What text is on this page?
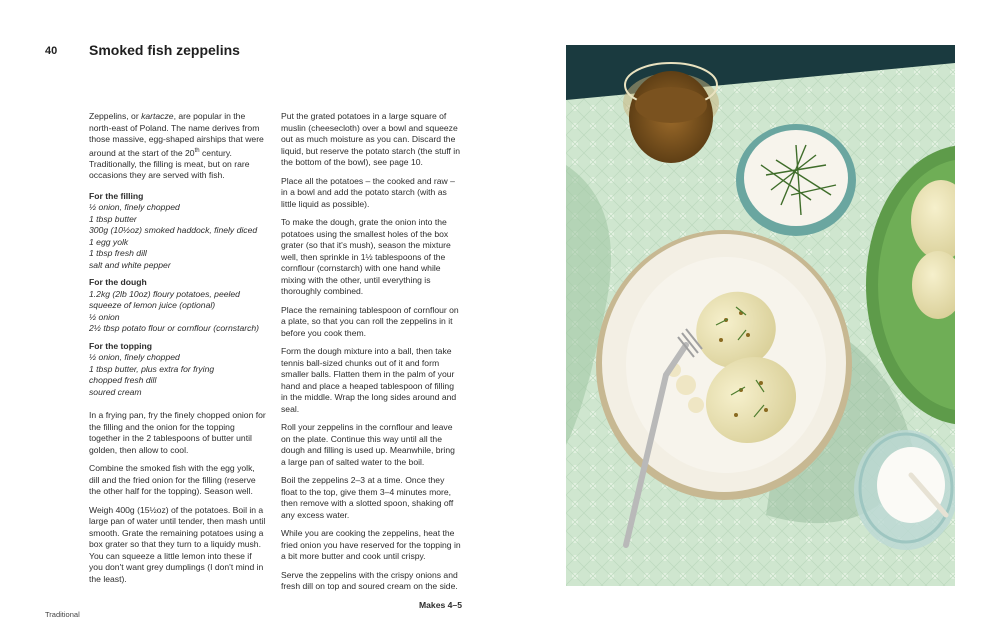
40 Smoked fish zeppelins

Zeppelins, or kartacze, are popular in the north-east of Poland. The name derives from those massive, egg-shaped airships that were around at the start of the 20th century. Traditionally, the filling is meat, but on rare occasions they are served with fish.

For the filling
½ onion, finely chopped
1 tbsp butter
300g (10½oz) smoked haddock, finely diced
1 egg yolk
1 tbsp fresh dill
salt and white pepper
For the dough
1.2kg (2lb 10oz) floury potatoes, peeled
squeeze of lemon juice (optional)
½ onion
2½ tbsp potato flour or cornflour (cornstarch)
For the topping
½ onion, finely chopped
1 tbsp butter, plus extra for frying
chopped fresh dill
soured cream

In a frying pan, fry the finely chopped onion for the filling and the onion for the topping together in the 2 tablespoons of butter until golden, then allow to cool.

Combine the smoked fish with the egg yolk, dill and the fried onion for the filling (reserve the other half for the topping). Season well.

Weigh 400g (15½oz) of the potatoes. Boil in a large pan of water until tender, then mash until smooth. Grate the remaining potatoes using a box grater so that they turn to a liquidy mush. You can squeeze a little lemon into these if you don't want grey dumplings (I don't mind in the least).

Put the grated potatoes in a large square of muslin (cheesecloth) over a bowl and squeeze out as much moisture as you can. Discard the liquid, but reserve the potato starch (the stuff in the bottom of the bowl), see page 10.

Place all the potatoes – the cooked and raw – in a bowl and add the potato starch (with as little liquid as possible).

To make the dough, grate the onion into the potatoes using the smallest holes of the box grater (so that it's mush), season the mixture well, then sprinkle in 1½ tablespoons of the cornflour (cornstarch) with one hand while mixing with the other, until everything is thoroughly combined.

Place the remaining tablespoon of cornflour on a plate, so that you can roll the zeppelins in it before you cook them.

Form the dough mixture into a ball, then take tennis ball-sized chunks out of it and form smaller balls. Flatten them in the palm of your hand and place a heaped tablespoon of filling in the middle. Wrap the long sides around and seal.

Roll your zeppelins in the cornflour and leave on the plate. Continue this way until all the dough and filling is used up. Meanwhile, bring a large pan of salted water to the boil.

Boil the zeppelins 2–3 at a time. Once they float to the top, give them 3–4 minutes more, then remove with a slotted spoon, shaking off any excess water.

While you are cooking the zeppelins, heat the fried onion you have reserved for the topping in a bit more butter and cook until crispy.

Serve the zeppelins with the crispy onions and fresh dill on top and soured cream on the side.

Makes 4–5
Traditional
